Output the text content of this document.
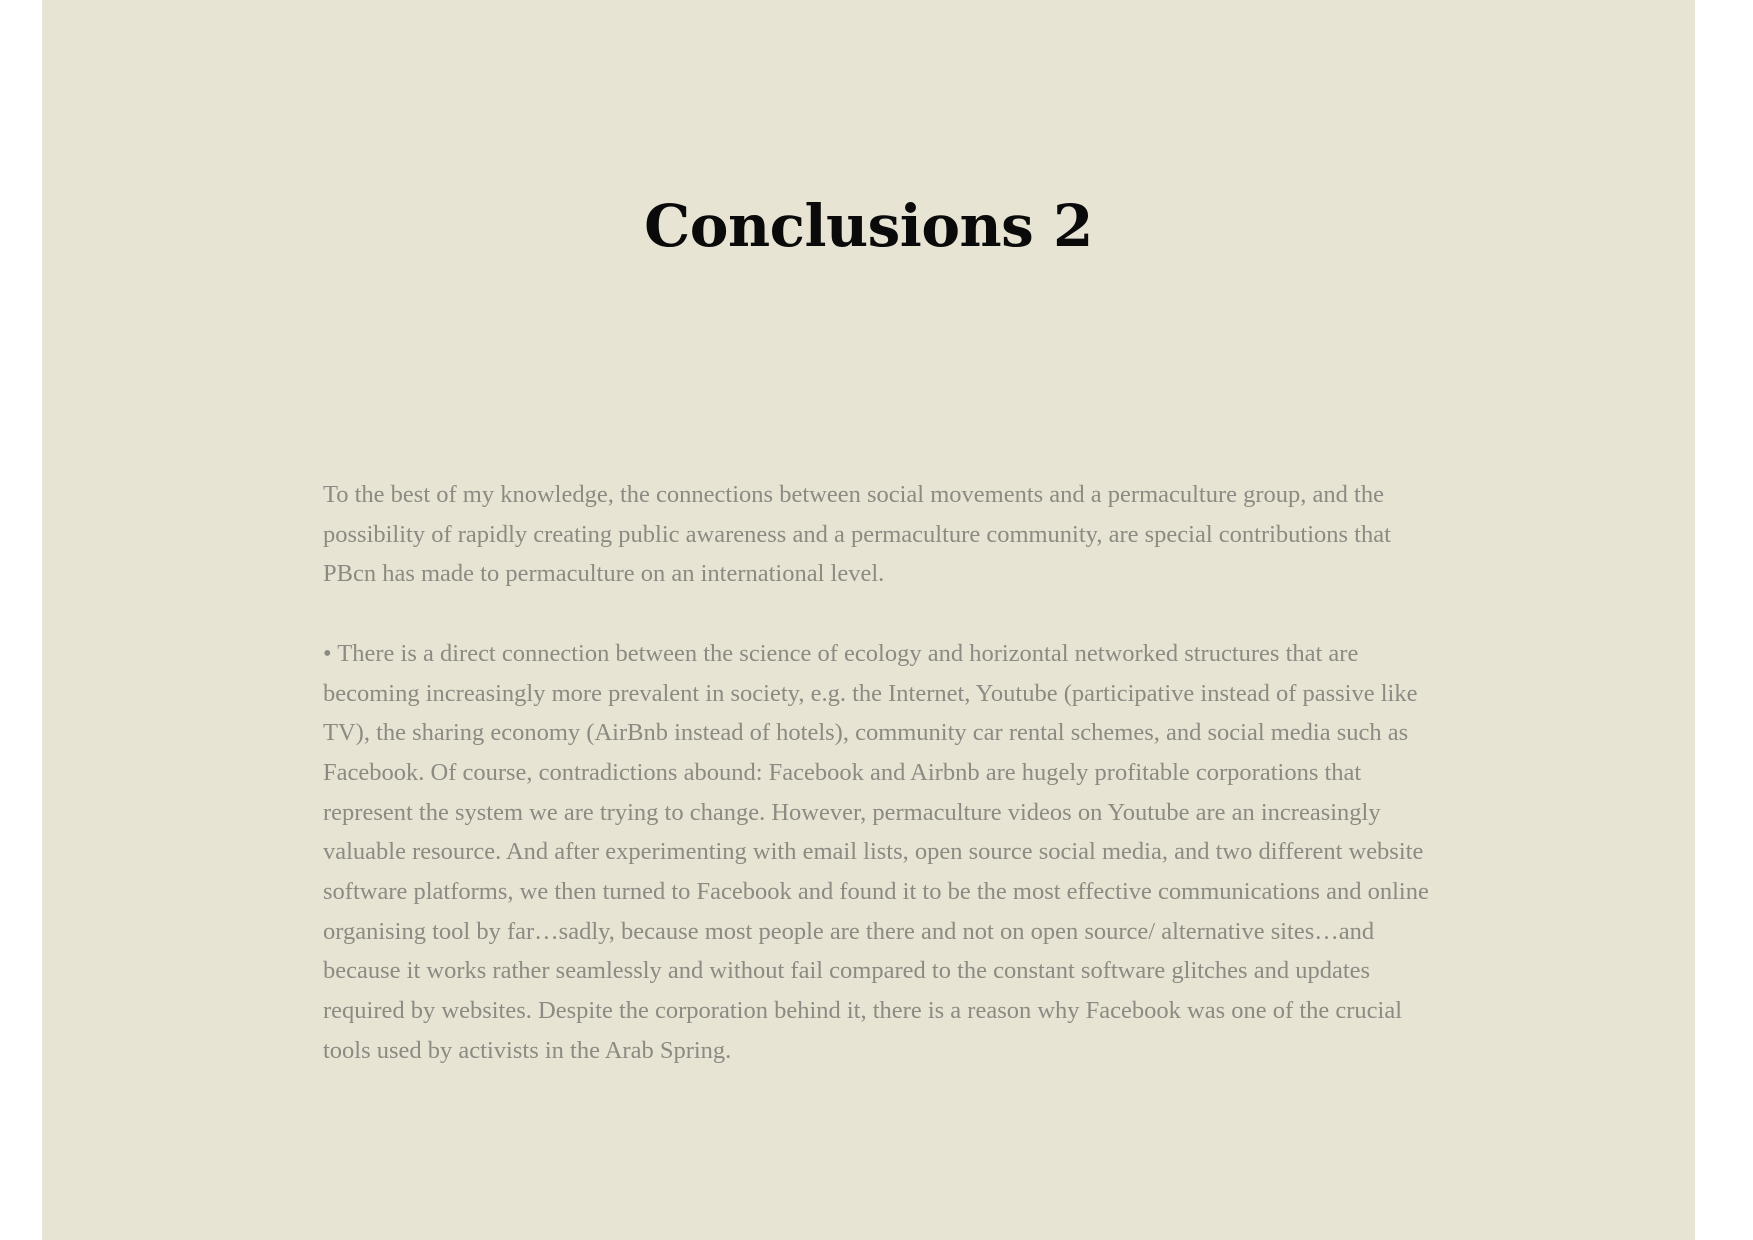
Conclusions 2

To the best of my knowledge, the connections between social movements and a permaculture group, and the possibility of rapidly creating public awareness and a permaculture community, are special contributions that PBcn has made to permaculture on an international level.

• There is a direct connection between the science of ecology and horizontal networked structures that are becoming increasingly more prevalent in society, e.g. the Internet, Youtube (participative instead of passive like TV), the sharing economy (AirBnb instead of hotels), community car rental schemes, and social media such as Facebook. Of course, contradictions abound: Facebook and Airbnb are hugely profitable corporations that represent the system we are trying to change. However, permaculture videos on Youtube are an increasingly valuable resource. And after experimenting with email lists, open source social media, and two different website software platforms, we then turned to Facebook and found it to be the most effective communications and online organising tool by far…sadly, because most people are there and not on open source/ alternative sites…and because it works rather seamlessly and without fail compared to the constant software glitches and updates required by websites. Despite the corporation behind it, there is a reason why Facebook was one of the crucial tools used by activists in the Arab Spring.
